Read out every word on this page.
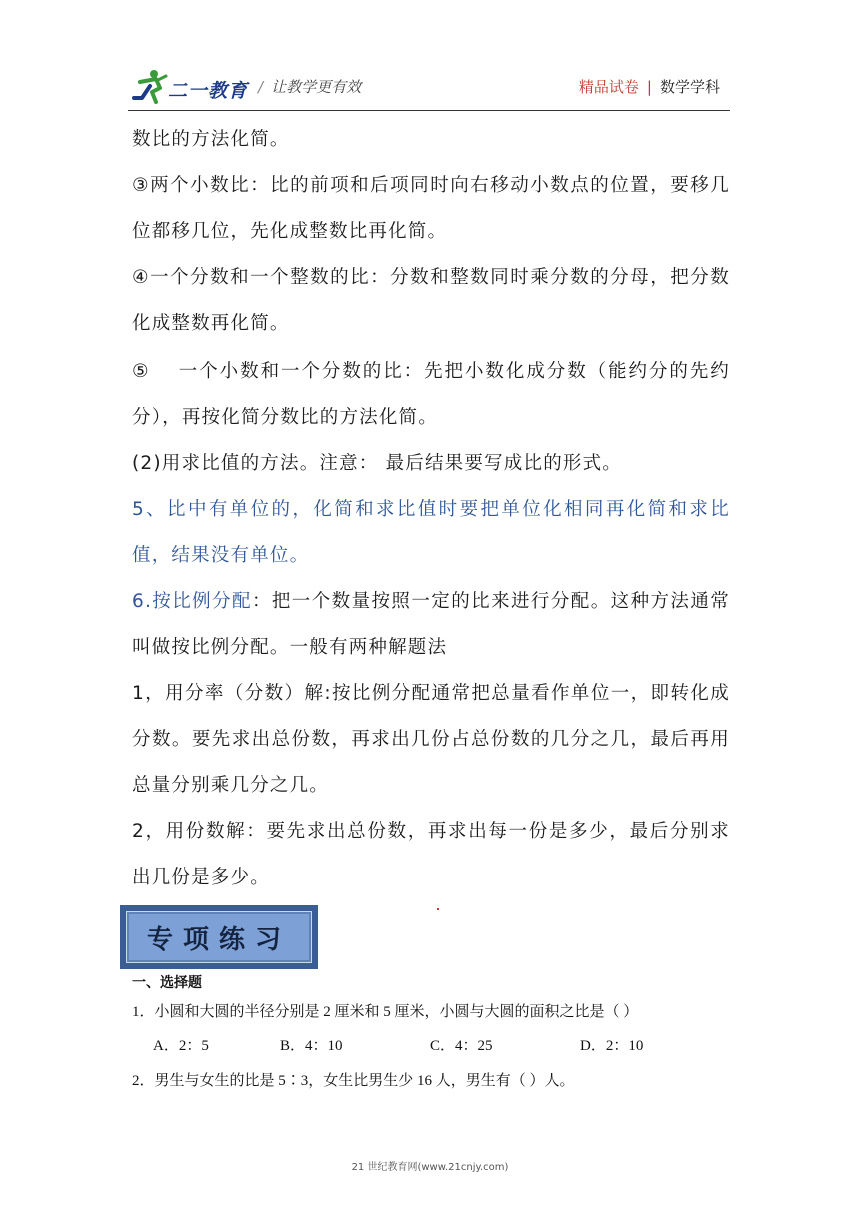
二一教育 / 让教学更有效	精品试卷 | 数学学科

数比的方法化简。

③两个小数比：比的前项和后项同时向右移动小数点的位置，要移几位都移几位，先化成整数比再化简。

④一个分数和一个整数的比：分数和整数同时乘分数的分母，把分数化成整数再化简。

⑤　 一个小数和一个分数的比：先把小数化成分数（能约分的先约分），再按化简分数比的方法化简。

(2)用求比值的方法。注意： 最后结果要写成比的形式。

5、比中有单位的，化简和求比值时要把单位化相同再化简和求比值，结果没有单位。

6.按比例分配：把一个数量按照一定的比来进行分配。这种方法通常叫做按比例分配。一般有两种解题法

1，用分率（分数）解:按比例分配通常把总量看作单位一，即转化成分数。要先求出总份数，再求出几份占总份数的几分之几，最后再用总量分别乘几分之几。

2，用份数解：要先求出总份数，再求出每一份是多少，最后分别求出几份是多少。

专项练习
一、选择题
1．小圆和大圆的半径分别是 2 厘米和 5 厘米，小圆与大圆的面积之比是（ ）
A．2：5	B．4：10	C．4：25	D．2：10
2．男生与女生的比是 5∶3，女生比男生少 16 人，男生有（ ）人。
21 世纪教育网(www.21cnjy.com)
